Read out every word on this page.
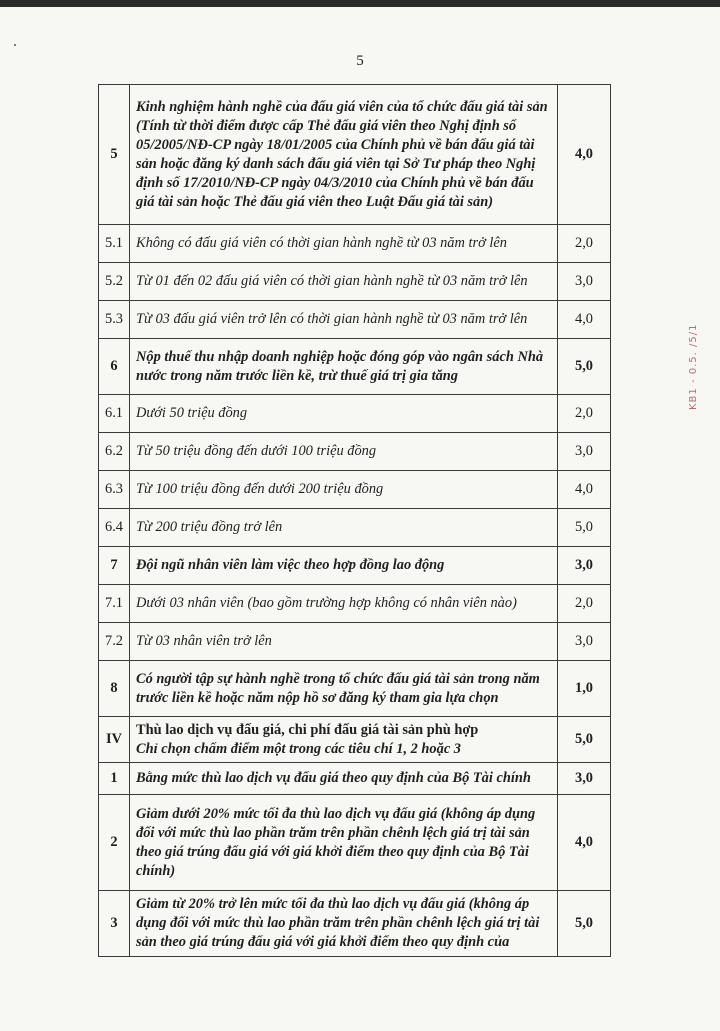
5
KB1 - 0.5. /5/1
5	Kinh nghiệm hành nghề của đấu giá viên của tổ chức đấu giá tài sản (Tính từ thời điểm được cấp Thẻ đấu giá viên theo Nghị định số 05/2005/NĐ-CP ngày 18/01/2005 của Chính phủ về bán đấu giá tài sản hoặc đăng ký danh sách đấu giá viên tại Sở Tư pháp theo Nghị định số 17/2010/NĐ-CP ngày 04/3/2010 của Chính phủ về bán đấu giá tài sản hoặc Thẻ đấu giá viên theo Luật Đấu giá tài sản)	4,0
5.1	Không có đấu giá viên có thời gian hành nghề từ 03 năm trở lên	2,0
5.2	Từ 01 đến 02 đấu giá viên có thời gian hành nghề từ 03 năm trở lên	3,0
5.3	Từ 03 đấu giá viên trở lên có thời gian hành nghề từ 03 năm trở lên	4,0
6	Nộp thuế thu nhập doanh nghiệp hoặc đóng góp vào ngân sách Nhà nước trong năm trước liền kề, trừ thuế giá trị gia tăng	5,0
6.1	Dưới 50 triệu đồng	2,0
6.2	Từ 50 triệu đồng đến dưới 100 triệu đồng	3,0
6.3	Từ 100 triệu đồng đến dưới 200 triệu đồng	4,0
6.4	Từ 200 triệu đồng trở lên	5,0
7	Đội ngũ nhân viên làm việc theo hợp đồng lao động	3,0
7.1	Dưới 03 nhân viên (bao gồm trường hợp không có nhân viên nào)	2,0
7.2	Từ 03 nhân viên trở lên	3,0
8	Có người tập sự hành nghề trong tổ chức đấu giá tài sản trong năm trước liền kề hoặc năm nộp hồ sơ đăng ký tham gia lựa chọn	1,0
IV	Thù lao dịch vụ đấu giá, chi phí đấu giá tài sản phù hợp
Chỉ chọn chấm điểm một trong các tiêu chí 1, 2 hoặc 3	5,0
1	Bằng mức thù lao dịch vụ đấu giá theo quy định của Bộ Tài chính	3,0
2	Giảm dưới 20% mức tối đa thù lao dịch vụ đấu giá (không áp dụng đối với mức thù lao phần trăm trên phần chênh lệch giá trị tài sản theo giá trúng đấu giá với giá khởi điểm theo quy định của Bộ Tài chính)	4,0
3	Giảm từ 20% trở lên mức tối đa thù lao dịch vụ đấu giá (không áp dụng đối với mức thù lao phần trăm trên phần chênh lệch giá trị tài sản theo giá trúng đấu giá với giá khởi điểm theo quy định của	5,0
